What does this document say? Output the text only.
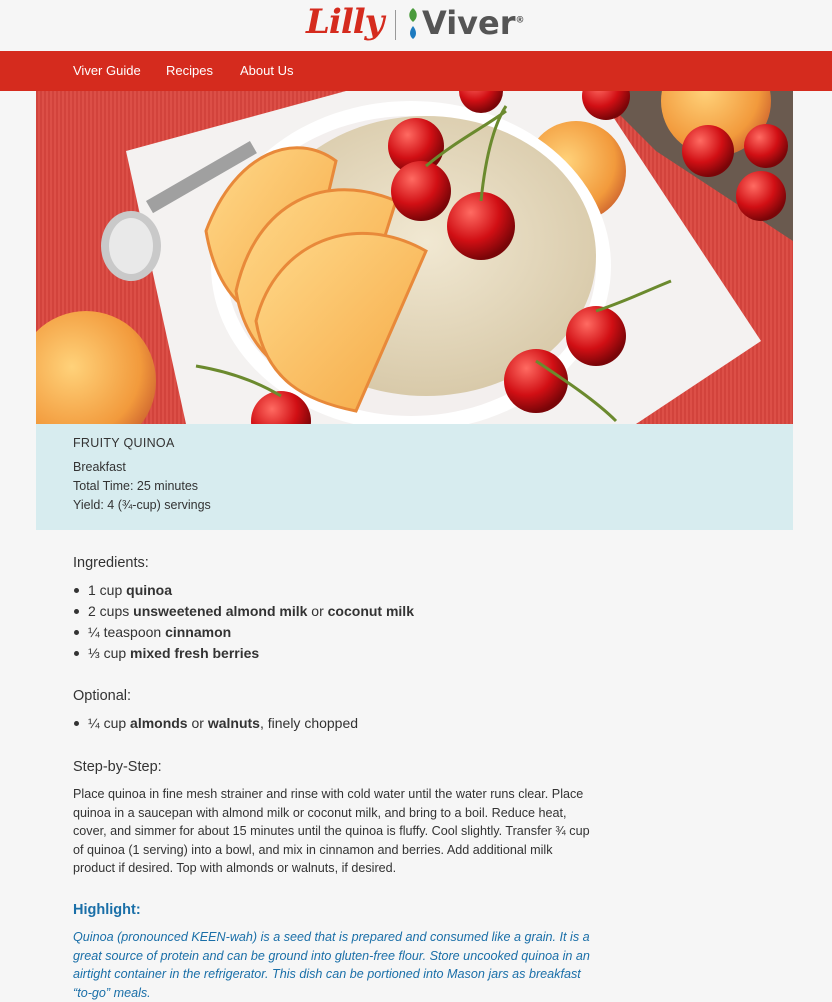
Lilly	Viver®
Viver Guide Recipes About Us
FRUITY QUINOA
Breakfast
Total Time: 25 minutes
Yield: 4 (¾-cup) servings
Ingredients:
1 cup quinoa
2 cups unsweetened almond milk or coconut milk
¼ teaspoon cinnamon
⅓ cup mixed fresh berries
Optional:
¼ cup almonds or walnuts, finely chopped
Step-by-Step:
Place quinoa in fine mesh strainer and rinse with cold water until the water runs clear. Place quinoa in a saucepan with almond milk or coconut milk, and bring to a boil. Reduce heat, cover, and simmer for about 15 minutes until the quinoa is fluffy. Cool slightly. Transfer ¾ cup of quinoa (1 serving) into a bowl, and mix in cinnamon and berries. Add additional milk product if desired. Top with almonds or walnuts, if desired.
Highlight:
Quinoa (pronounced KEEN-wah) is a seed that is prepared and consumed like a grain. It is a great source of protein and can be ground into gluten-free flour. Store uncooked quinoa in an airtight container in the refrigerator. This dish can be portioned into Mason jars as breakfast “to-go” meals.
